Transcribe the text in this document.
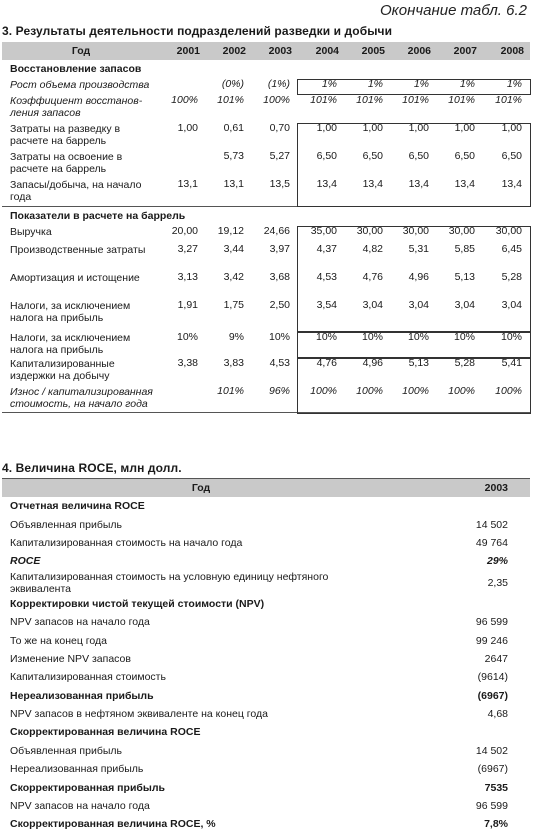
Окончание табл. 6.2
3. Результаты деятельности подразделений разведки и добычи
Год	2001	2002	2003	2004	2005	2006	2007	2008
Восстановление запасов								
Рост объема производства		(0%)	(1%)	1%	1%	1%	1%	1%
Коэффициент восстанов-ления запасов	100%	101%	100%	101%	101%	101%	101%	101%
Затраты на разведку в расчете на баррель	1,00	0,61	0,70	1,00	1,00	1,00	1,00	1,00
Затраты на освоение в расчете на баррель		5,73	5,27	6,50	6,50	6,50	6,50	6,50
Запасы/добыча, на начало года	13,1	13,1	13,5	13,4	13,4	13,4	13,4	13,4
Показатели в расчете на баррель								
Выручка	20,00	19,12	24,66	35,00	30,00	30,00	30,00	30,00
Производственные затраты	3,27	3,44	3,97	4,37	4,82	5,31	5,85	6,45
Амортизация и истощение	3,13	3,42	3,68	4,53	4,76	4,96	5,13	5,28
Налоги, за исключением налога на прибыль	1,91	1,75	2,50	3,54	3,04	3,04	3,04	3,04
Налоги, за исключением налога на прибыль	10%	9%	10%	10%	10%	10%	10%	10%
Капитализированные издержки на добычу	3,38	3,83	4,53	4,76	4,96	5,13	5,28	5,41
Износ / капитализированная стоимость, на начало года		101%	96%	100%	100%	100%	100%	100%
4. Величина ROCE, млн долл.
Год	2003
Отчетная величина ROCE	
Объявленная прибыль	14 502
Капитализированная стоимость на начало года	49 764
ROCE	29%
Капитализированная стоимость на условную единицу нефтяного эквивалента	2,35
Корректировки чистой текущей стоимости (NPV)	
NPV запасов на начало года	96 599
То же на конец года	99 246
Изменение NPV запасов	2647
Капитализированная стоимость	(9614)
Нереализованная прибыль	(6967)
NPV запасов в нефтяном эквиваленте на конец года	4,68
Скорректированная величина ROCE	
Объявленная прибыль	14 502
Нереализованная прибыль	(6967)
Скорректированная прибыль	7535
NPV запасов на начало года	96 599
Скорректированная величина ROCE, %	7,8%
